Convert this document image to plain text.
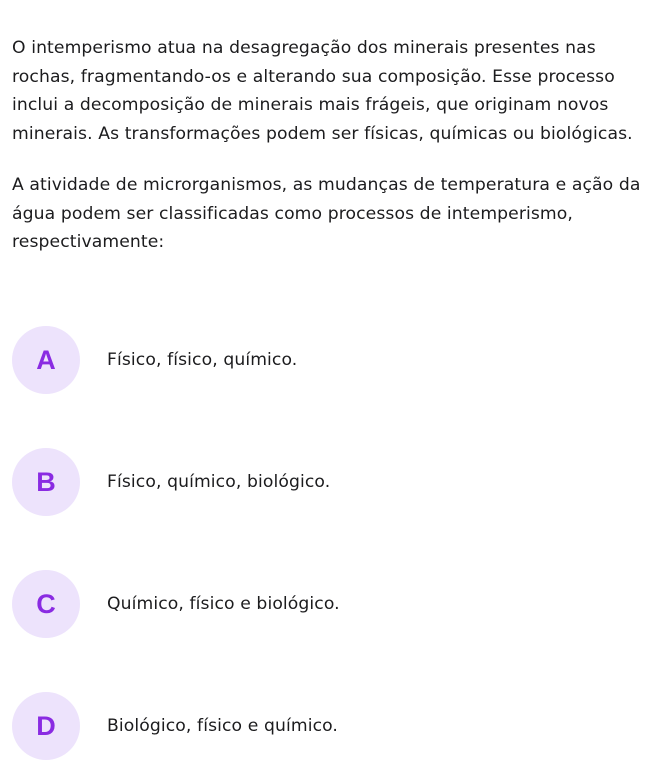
O intemperismo atua na desagregação dos minerais presentes nas rochas, fragmentando-os e alterando sua composição. Esse processo inclui a decomposição de minerais mais frágeis, que originam novos minerais. As transformações podem ser físicas, químicas ou biológicas.

A atividade de microrganismos, as mudanças de temperatura e ação da água podem ser classificadas como processos de intemperismo, respectivamente:

A	Físico, físico, químico.
B	Físico, químico, biológico.
C	Químico, físico e biológico.
D	Biológico, físico e químico.
